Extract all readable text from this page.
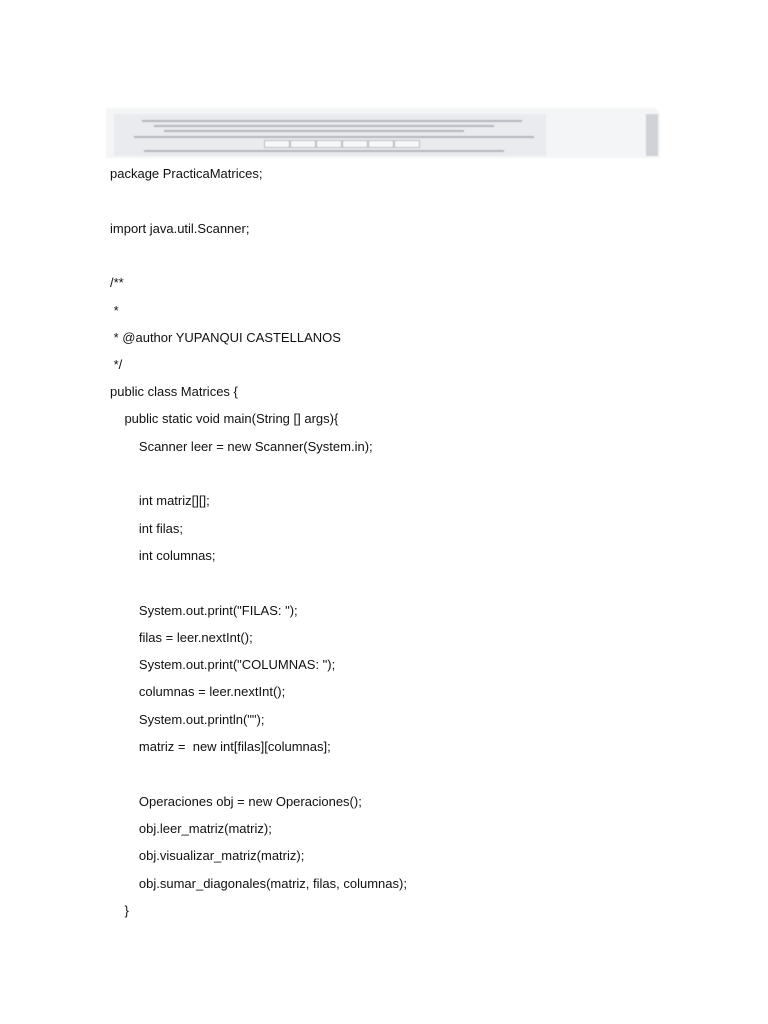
package PracticaMatrices;
import java.util.Scanner;
/**
*
* @author YUPANQUI CASTELLANOS
*/
public class Matrices {
public static void main(String [] args){
Scanner leer = new Scanner(System.in);
int matriz[][];
int filas;
int columnas;
System.out.print("FILAS: ");
filas = leer.nextInt();
System.out.print("COLUMNAS: ");
columnas = leer.nextInt();
System.out.println("");
matriz =  new int[filas][columnas];
Operaciones obj = new Operaciones();
obj.leer_matriz(matriz);
obj.visualizar_matriz(matriz);
obj.sumar_diagonales(matriz, filas, columnas);
}
